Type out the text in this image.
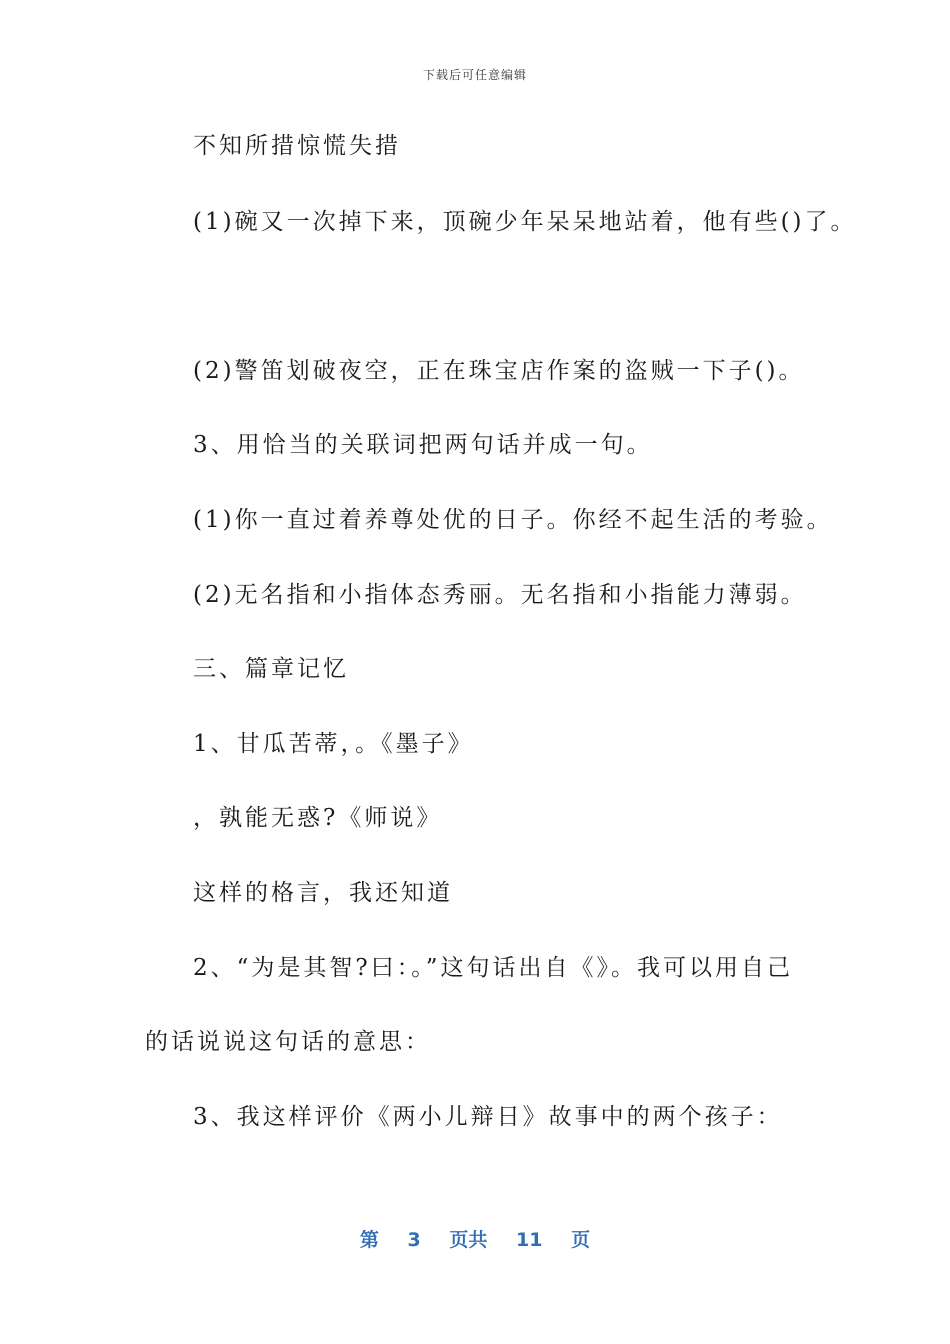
下载后可任意编辑
不知所措惊慌失措
(1)碗又一次掉下来，顶碗少年呆呆地站着，他有些()了。
(2)警笛划破夜空，正在珠宝店作案的盗贼一下子()。
3、用恰当的关联词把两句话并成一句。
(1)你一直过着养尊处优的日子。你经不起生活的考验。
(2)无名指和小指体态秀丽。无名指和小指能力薄弱。
三、篇章记忆
1、甘瓜苦蒂，。《墨子》
，孰能无惑?《师说》
这样的格言，我还知道
2、“为是其智?曰：。”这句话出自《》。我可以用自己
的话说说这句话的意思：
3、我这样评价《两小儿辩日》故事中的两个孩子：
第 3 页共 11 页
